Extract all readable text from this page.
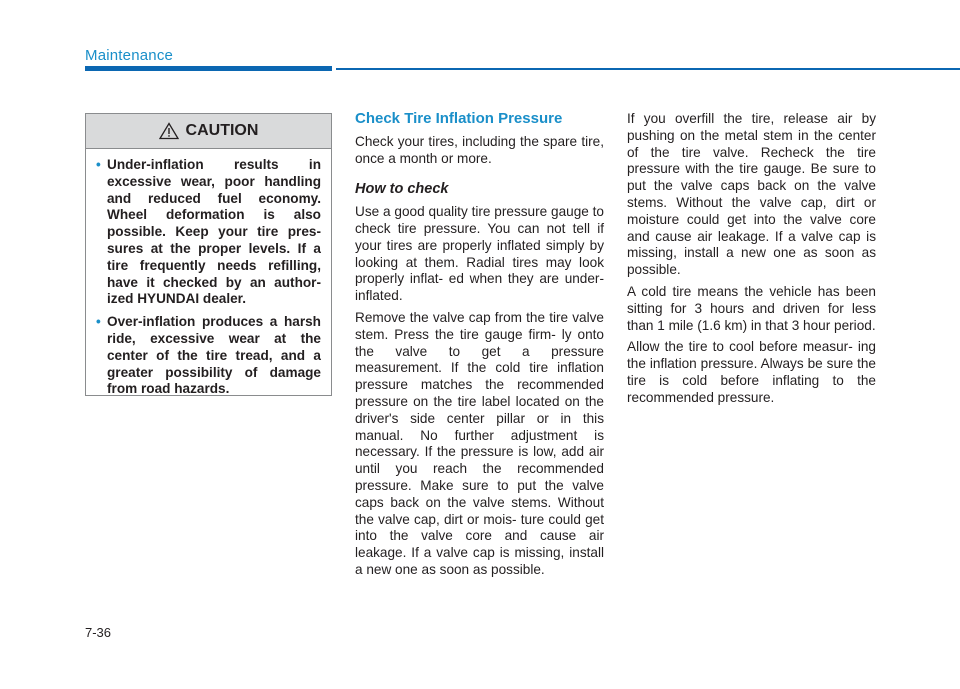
Maintenance
CAUTION
• Under-inflation results in excessive wear, poor handling and reduced fuel economy. Wheel deformation is also possible. Keep your tire pres- sures at the proper levels. If a tire frequently needs refilling, have it checked by an author- ized HYUNDAI dealer.
• Over-inflation produces a harsh ride, excessive wear at the center of the tire tread, and a greater possibility of damage from road hazards.
Check Tire Inflation Pressure

Check your tires, including the spare tire, once a month or more.

How to check

Use a good quality tire pressure gauge to check tire pressure. You can not tell if your tires are properly inflated simply by looking at them. Radial tires may look properly inflat- ed when they are under-inflated.

Remove the valve cap from the tire valve stem. Press the tire gauge firm- ly onto the valve to get a pressure measurement. If the cold tire inflation pressure matches the recommended pressure on the tire label located on the driver's side center pillar or in this manual. No further adjustment is necessary. If the pressure is low, add air until you reach the recommended pressure. Make sure to put the valve caps back on the valve stems. Without the valve cap, dirt or mois- ture could get into the valve core and cause air leakage. If a valve cap is missing, install a new one as soon as possible.

If you overfill the tire, release air by pushing on the metal stem in the center of the tire valve. Recheck the tire pressure with the tire gauge. Be sure to put the valve caps back on the valve stems. Without the valve cap, dirt or moisture could get into the valve core and cause air leakage. If a valve cap is missing, install a new one as soon as possible.

A cold tire means the vehicle has been sitting for 3 hours and driven for less than 1 mile (1.6 km) in that 3 hour period.

Allow the tire to cool before measur- ing the inflation pressure. Always be sure the tire is cold before inflating to the recommended pressure.

7-36
